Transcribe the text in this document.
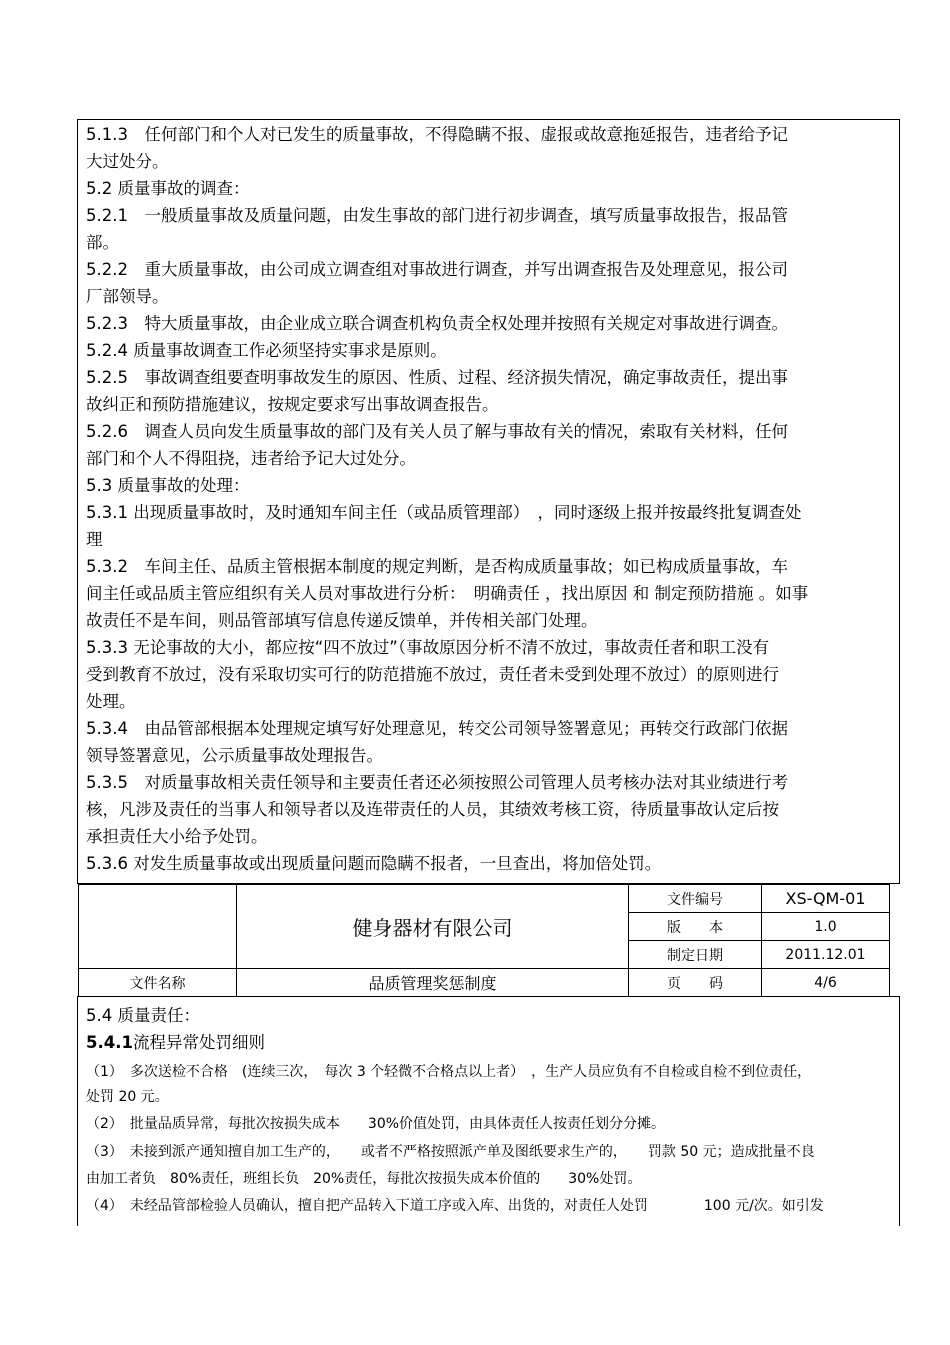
5.1.3　任何部门和个人对已发生的质量事故，不得隐瞒不报、虚报或故意拖延报告，违者给予记
大过处分。
5.2 质量事故的调查：
5.2.1　一般质量事故及质量问题，由发生事故的部门进行初步调查，填写质量事故报告，报品管
部。
5.2.2　重大质量事故，由公司成立调查组对事故进行调查，并写出调查报告及处理意见，报公司
厂部领导。
5.2.3　特大质量事故，由企业成立联合调查机构负责全权处理并按照有关规定对事故进行调查。
5.2.4 质量事故调查工作必须坚持实事求是原则。
5.2.5　事故调查组要查明事故发生的原因、性质、过程、经济损失情况，确定事故责任，提出事
故纠正和预防措施建议，按规定要求写出事故调查报告。
5.2.6　调查人员向发生质量事故的部门及有关人员了解与事故有关的情况，索取有关材料，任何
部门和个人不得阻挠，违者给予记大过处分。
5.3 质量事故的处理：
5.3.1 出现质量事故时，及时通知车间主任（或品质管理部）　，同时逐级上报并按最终批复调查处
理
5.3.2　车间主任、品质主管根据本制度的规定判断，是否构成质量事故；如已构成质量事故，车
间主任或品质主管应组织有关人员对事故进行分析：　明确责任 ，找出原因 和 制定预防措施 。如事
故责任不是车间，则品管部填写信息传递反馈单，并传相关部门处理。
5.3.3 无论事故的大小，都应按“四不放过”（事故原因分析不清不放过，事故责任者和职工没有
受到教育不放过，没有采取切实可行的防范措施不放过，责任者未受到处理不放过）的原则进行
处理。
5.3.4　由品管部根据本处理规定填写好处理意见，转交公司领导签署意见；再转交行政部门依据
领导签署意见，公示质量事故处理报告。
5.3.5　对质量事故相关责任领导和主要责任者还必须按照公司管理人员考核办法对其业绩进行考
核，凡涉及责任的当事人和领导者以及连带责任的人员，其绩效考核工资，待质量事故认定后按
承担责任大小给予处罚。
5.3.6 对发生质量事故或出现质量问题而隐瞒不报者，一旦查出，将加倍处罚。
	健身器材有限公司	文件编号	XS-QM-01
		版　　本	1.0
		制定日期	2011.12.01
文件名称	品质管理奖惩制度	页　　码	4/6
5.4 质量责任：
5.4.1流程异常处罚细则
（1）　多次送检不合格　(连续三次，　每次 3 个轻微不合格点以上者）　，生产人员应负有不自检或自检不到位责任，
处罚 20 元。
（2）　批量品质异常，每批次按损失成本　　30%价值处罚，由具体责任人按责任划分分摊。
（3）　未接到派产通知擅自加工生产的，　　或者不严格按照派产单及图纸要求生产的，　　罚款 50 元；造成批量不良
由加工者负　80%责任，班组长负　20%责任，每批次按损失成本价值的　　30%处罚。
（4）　未经品管部检验人员确认，擅自把产品转入下道工序或入库、出货的，对责任人处罚　　　　100 元/次。如引发
